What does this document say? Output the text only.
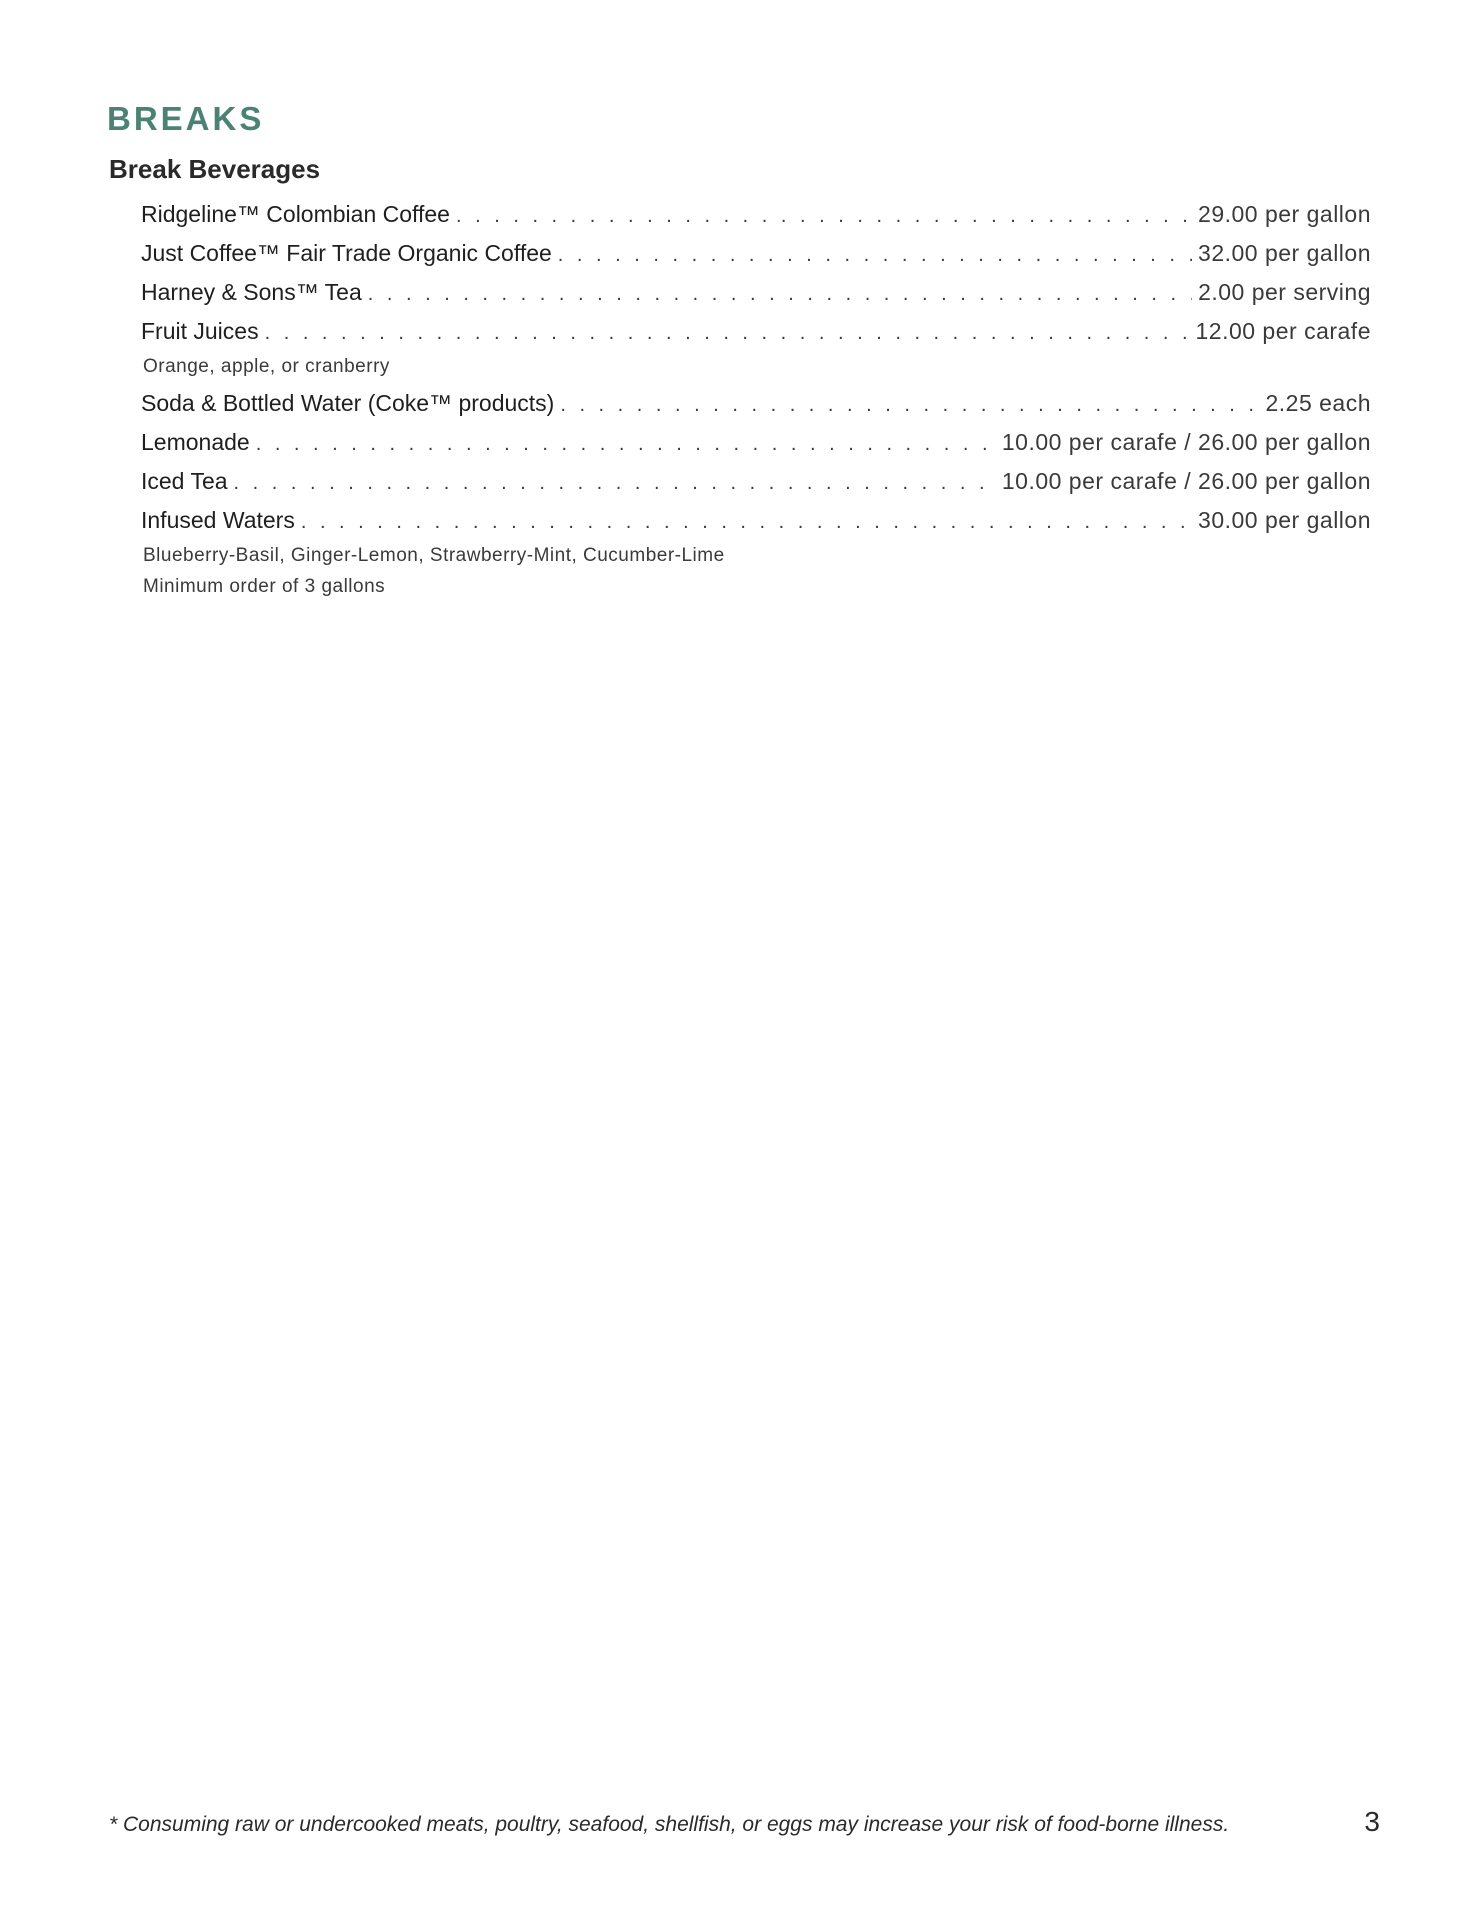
BREAKS
Break Beverages
Ridgeline™ Colombian Coffee . . .	29.00 per gallon
Just Coffee™ Fair Trade Organic Coffee . . .	32.00 per gallon
Harney & Sons™ Tea . . .	2.00 per serving
Fruit Juices . . .	12.00 per carafe
Orange, apple, or cranberry
Soda & Bottled Water (Coke™ products) . . .	2.25 each
Lemonade . . .	10.00 per carafe / 26.00 per gallon
Iced Tea . . .	10.00 per carafe / 26.00 per gallon
Infused Waters . . .	30.00 per gallon
Blueberry-Basil, Ginger-Lemon, Strawberry-Mint, Cucumber-Lime
Minimum order of 3 gallons

* Consuming raw or undercooked meats, poultry, seafood, shellfish, or eggs may increase your risk of food-borne illness.	3
